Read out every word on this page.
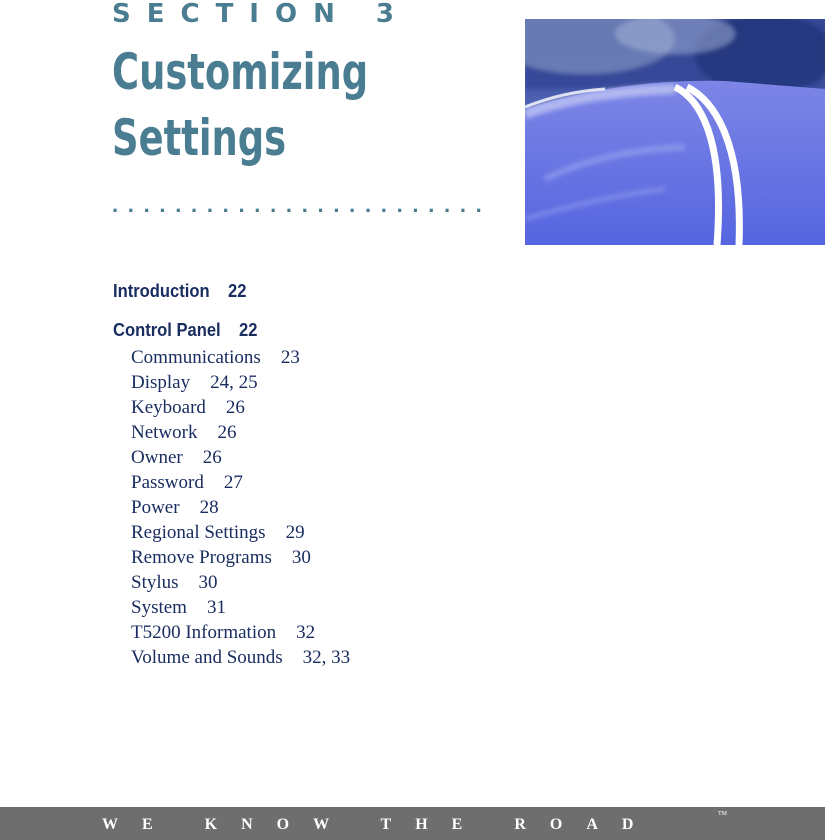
SECTION 3
Customizing
Settings
........................
Introduction 22
Control Panel 22
Communications 23
Display 24, 25
Keyboard 26
Network 26
Owner 26
Password 27
Power 28
Regional Settings 29
Remove Programs 30
Stylus 30
System 31
T5200 Information 32
Volume and Sounds 32, 33
WE KNOW THE ROAD
TM
